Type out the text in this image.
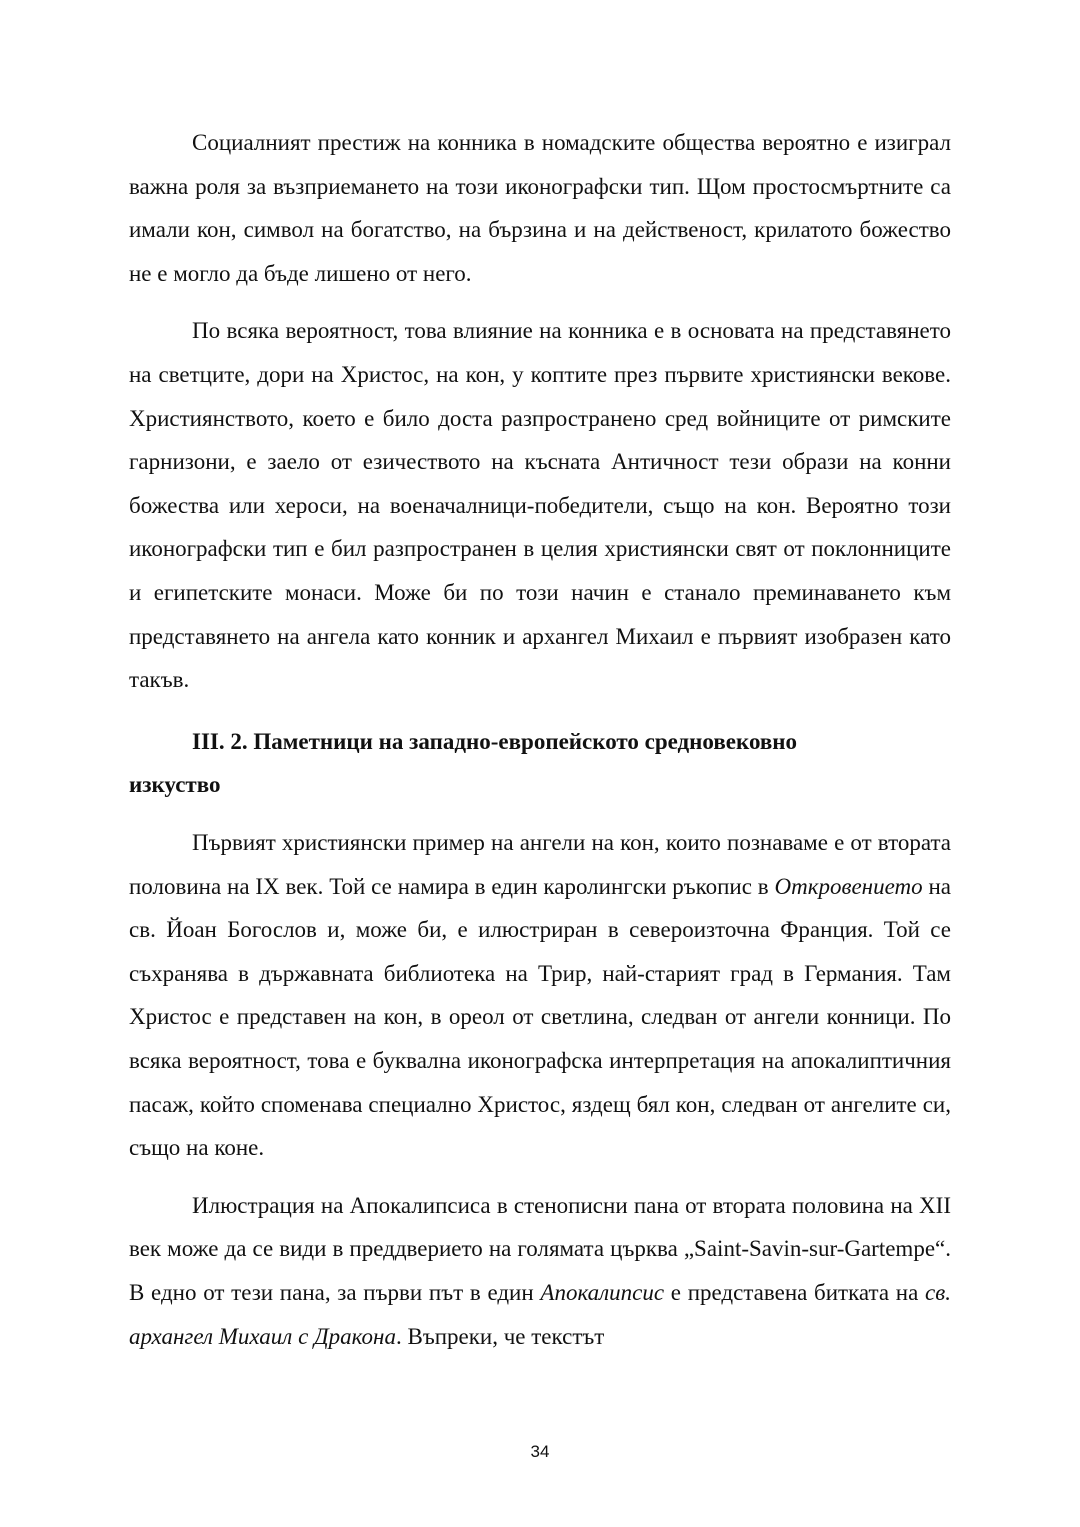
Социалният престиж на конника в номадските общества вероятно е изиграл важна роля за възприемането на този иконографски тип. Щом простосмъртните са имали кон, символ на богатство, на бързина и на действеност, крилатото божество не е могло да бъде лишено от него.

По всяка вероятност, това влияние на конника е в основата на представянето на светците, дори на Христос, на кон, у коптите през първите християнски векове. Християнството, което е било доста разпространено сред войниците от римските гарнизони, е заело от езичеството на късната Античност тези образи на конни божества или хероси, на военачалници-победители, също на кон. Вероятно този иконографски тип е бил разпространен в целия християнски свят от поклонниците и египетските монаси. Може би по този начин е станало преминаването към представянето на ангела като конник и архангел Михаил е първият изобразен като такъв.

III. 2. Паметници на западно-европейското средновековно
изкуство

Първият християнски пример на ангели на кон, които познаваме е от втората половина на IX век. Той се намира в един каролингски ръкопис в Откровението на св. Йоан Богослов и, може би, е илюстриран в североизточна Франция. Той се съхранява в държавната библиотека на Трир, най-старият град в Германия. Там Христос е представен на кон, в ореол от светлина, следван от ангели конници. По всяка вероятност, това е буквална иконографска интерпретация на апокалиптичния пасаж, който споменава специално Христос, яздещ бял кон, следван от ангелите си, също на коне.

Илюстрация на Апокалипсиса в стенописни пана от втората половина на XII век може да се види в преддверието на голямата църква „Saint-Savin-sur-Gartempe“. В едно от тези пана, за първи път в един Апокалипсис е представена битката на св. архангел Михаил с Дракона. Въпреки, че текстът

34
